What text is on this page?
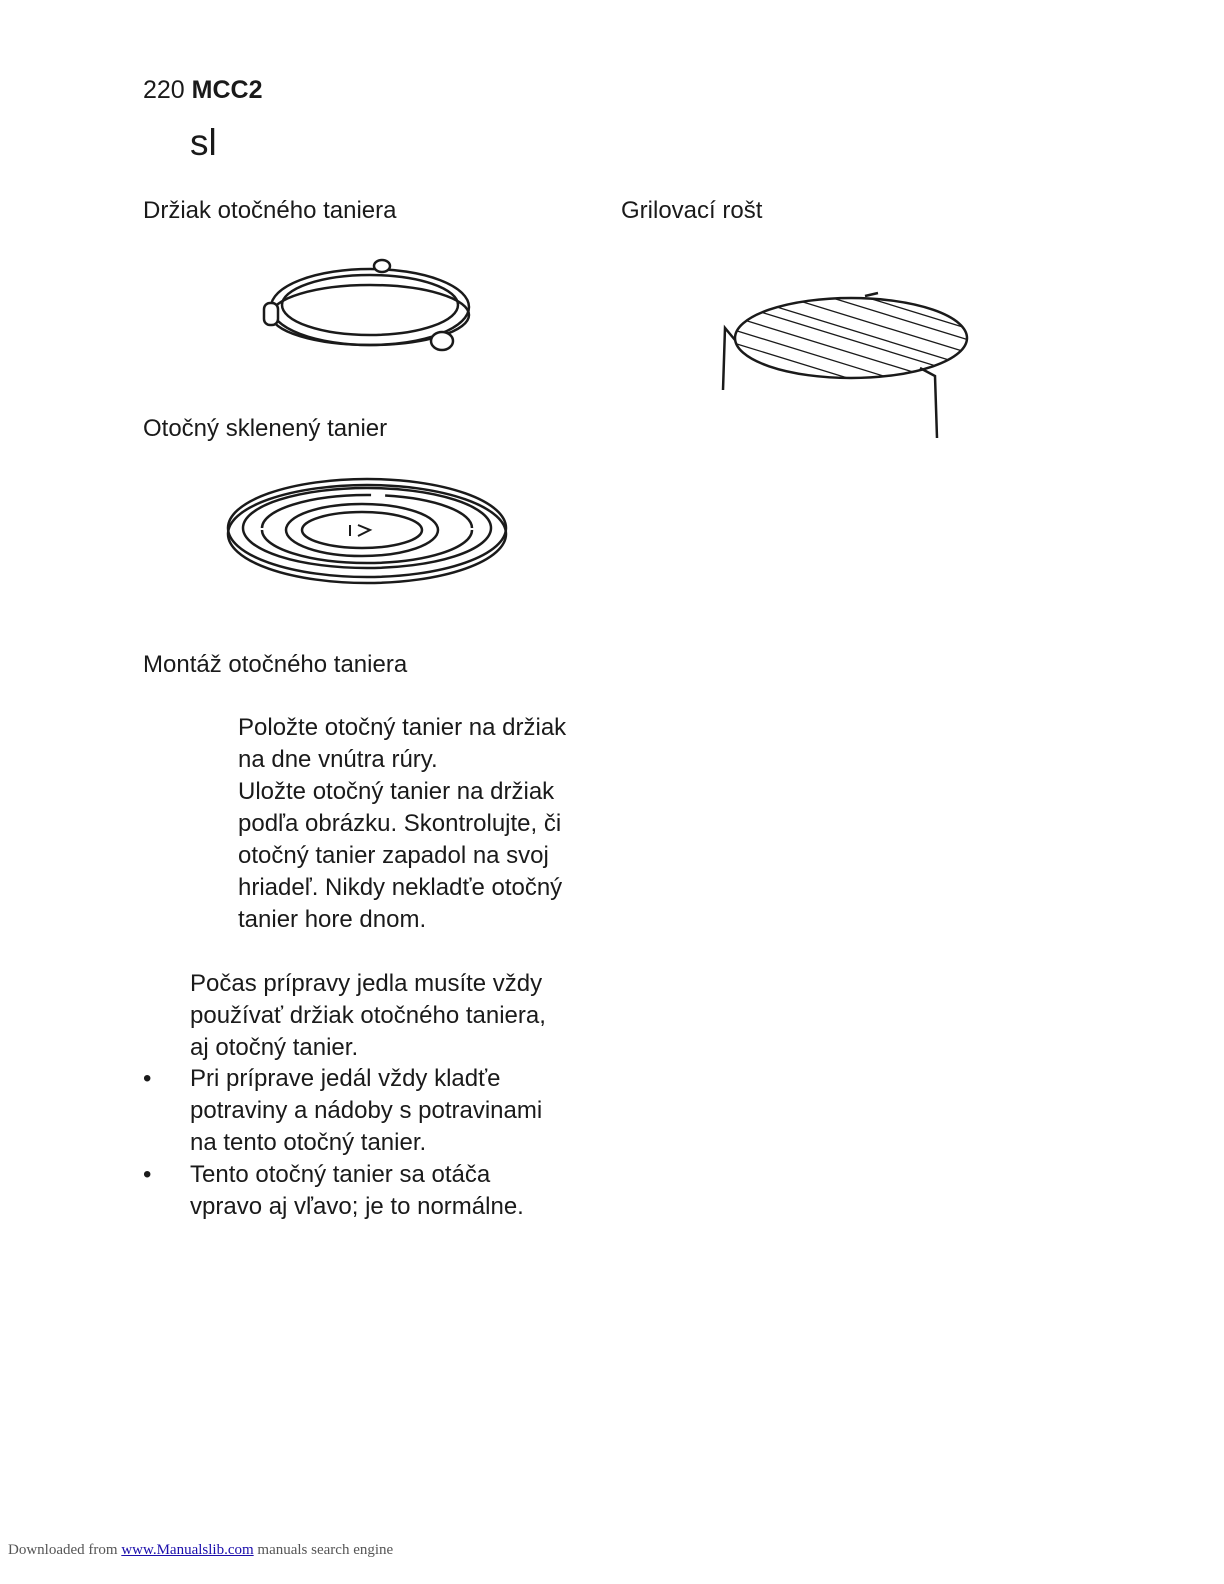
220 MCC2
sl
Držiak otočného taniera	Grilovací rošt
Otočný sklenený tanier
Montáž otočného taniera
Položte otočný tanier na držiak
na dne vnútra rúry.
Uložte otočný tanier na držiak
podľa obrázku. Skontrolujte, či
otočný tanier zapadol na svoj
hriadeľ. Nikdy nekladťe otočný
tanier hore dnom.
Počas prípravy jedla musíte vždy
používať držiak otočného taniera,
aj otočný tanier.
•	Pri príprave jedál vždy kladťe
potraviny a nádoby s potravinami
na tento otočný tanier.
•	Tento otočný tanier sa otáča
vpravo aj vľavo; je to normálne.
Downloaded from www.Manualslib.com manuals search engine
